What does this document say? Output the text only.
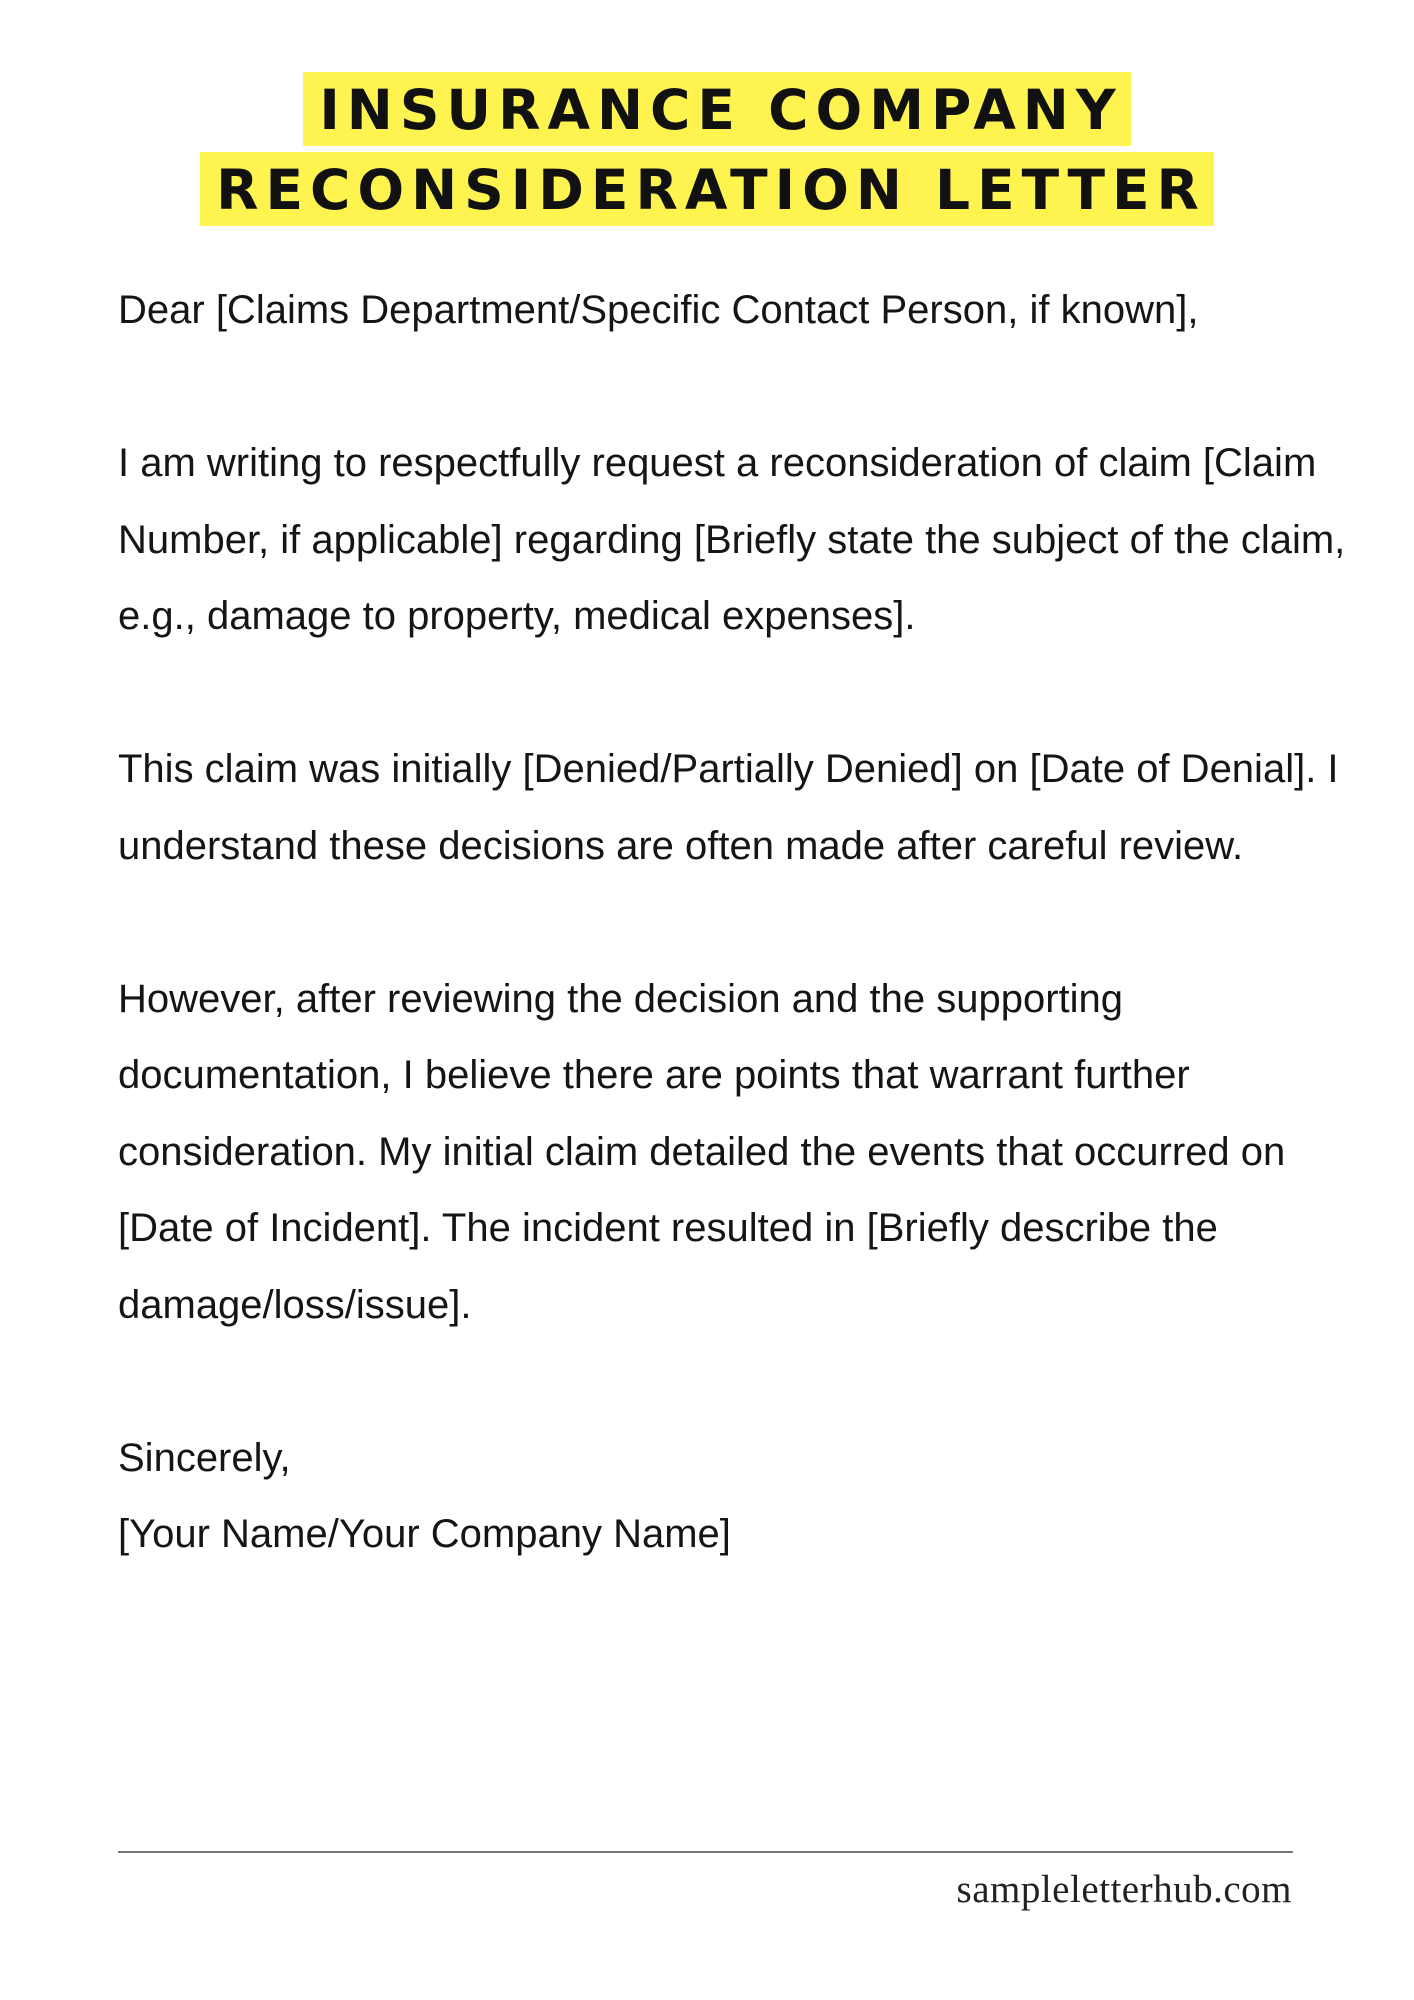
INSURANCE COMPANY
RECONSIDERATION LETTER

Dear [Claims Department/Specific Contact Person, if known],

I am writing to respectfully request a reconsideration of claim [Claim Number, if applicable] regarding [Briefly state the subject of the claim, e.g., damage to property, medical expenses].

This claim was initially [Denied/Partially Denied] on [Date of Denial]. I understand these decisions are often made after careful review.

However, after reviewing the decision and the supporting documentation, I believe there are points that warrant further consideration. My initial claim detailed the events that occurred on [Date of Incident]. The incident resulted in [Briefly describe the damage/loss/issue].

Sincerely,

[Your Name/Your Company Name]

sampleletterhub.com
